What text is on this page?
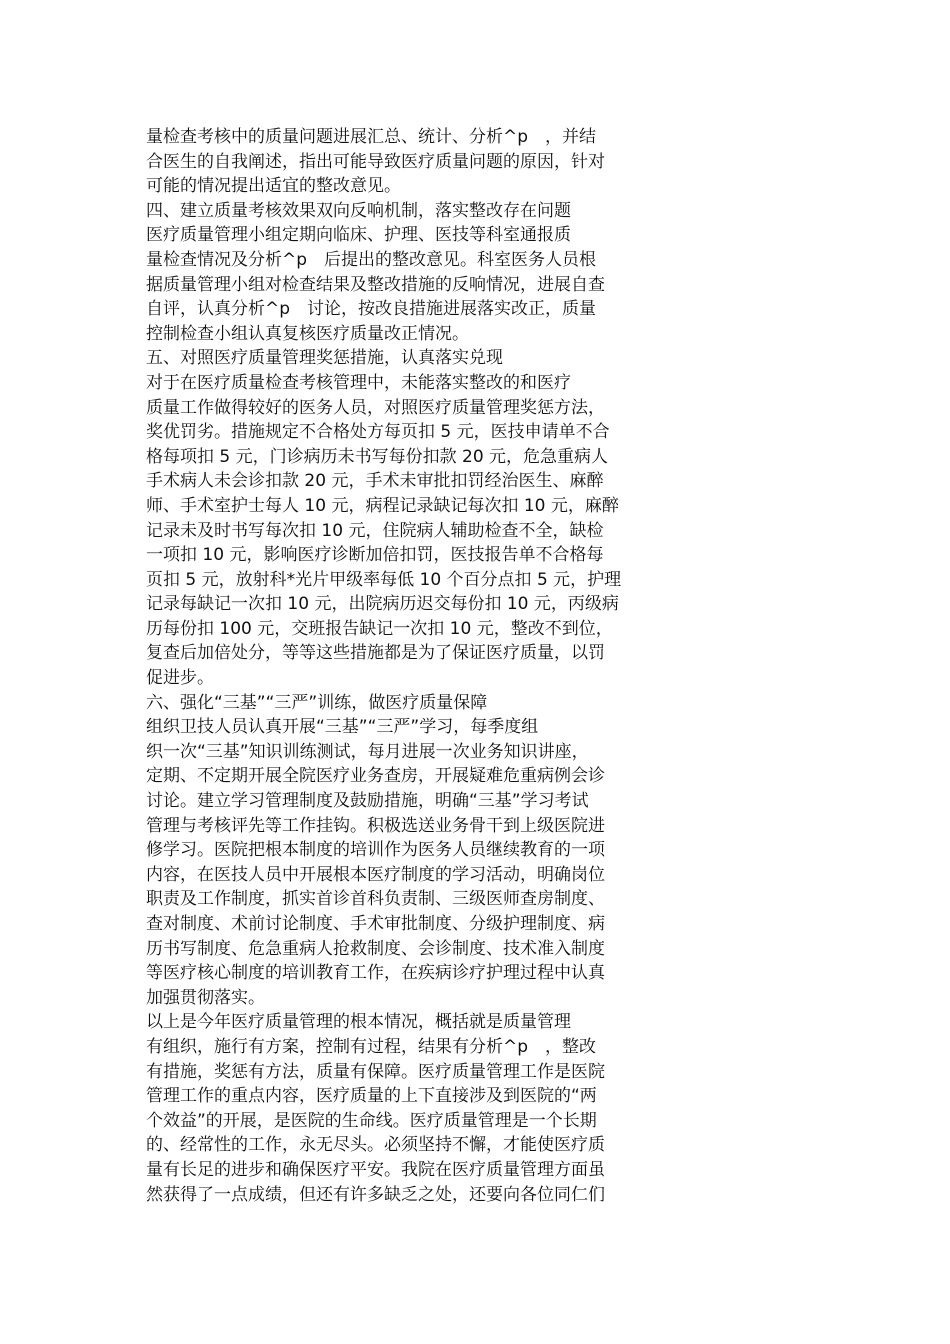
量检查考核中的质量问题进展汇总、统计、分析^p　，并结
合医生的自我阐述，指出可能导致医疗质量问题的原因，针对
可能的情况提出适宜的整改意见。
四、建立质量考核效果双向反响机制，落实整改存在问题
医疗质量管理小组定期向临床、护理、医技等科室通报质
量检查情况及分析^p　后提出的整改意见。科室医务人员根
据质量管理小组对检查结果及整改措施的反响情况，进展自查
自评，认真分析^p　讨论，按改良措施进展落实改正，质量
控制检查小组认真复核医疗质量改正情况。
五、对照医疗质量管理奖惩措施，认真落实兑现
对于在医疗质量检查考核管理中，未能落实整改的和医疗
质量工作做得较好的医务人员，对照医疗质量管理奖惩方法，
奖优罚劣。措施规定不合格处方每页扣 5 元，医技申请单不合
格每项扣 5 元，门诊病历未书写每份扣款 20 元，危急重病人
手术病人未会诊扣款 20 元，手术未审批扣罚经治医生、麻醉
师、手术室护士每人 10 元，病程记录缺记每次扣 10 元，麻醉
记录未及时书写每次扣 10 元，住院病人辅助检查不全，缺检
一项扣 10 元，影响医疗诊断加倍扣罚，医技报告单不合格每
页扣 5 元，放射科*光片甲级率每低 10 个百分点扣 5 元，护理
记录每缺记一次扣 10 元，出院病历迟交每份扣 10 元，丙级病
历每份扣 100 元，交班报告缺记一次扣 10 元，整改不到位，
复查后加倍处分，等等这些措施都是为了保证医疗质量，以罚
促进步。
六、强化“三基”“三严”训练，做医疗质量保障
组织卫技人员认真开展“三基”“三严”学习，每季度组
织一次“三基”知识训练测试，每月进展一次业务知识讲座，
定期、不定期开展全院医疗业务查房，开展疑难危重病例会诊
讨论。建立学习管理制度及鼓励措施，明确“三基”学习考试
管理与考核评先等工作挂钩。积极选送业务骨干到上级医院进
修学习。医院把根本制度的培训作为医务人员继续教育的一项
内容，在医技人员中开展根本医疗制度的学习活动，明确岗位
职责及工作制度，抓实首诊首科负责制、三级医师查房制度、
查对制度、术前讨论制度、手术审批制度、分级护理制度、病
历书写制度、危急重病人抢救制度、会诊制度、技术准入制度
等医疗核心制度的培训教育工作，在疾病诊疗护理过程中认真
加强贯彻落实。
以上是今年医疗质量管理的根本情况，概括就是质量管理
有组织，施行有方案，控制有过程，结果有分析^p　，整改
有措施，奖惩有方法，质量有保障。医疗质量管理工作是医院
管理工作的重点内容，医疗质量的上下直接涉及到医院的“两
个效益”的开展，是医院的生命线。医疗质量管理是一个长期
的、经常性的工作，永无尽头。必须坚持不懈，才能使医疗质
量有长足的进步和确保医疗平安。我院在医疗质量管理方面虽
然获得了一点成绩，但还有许多缺乏之处，还要向各位同仁们
